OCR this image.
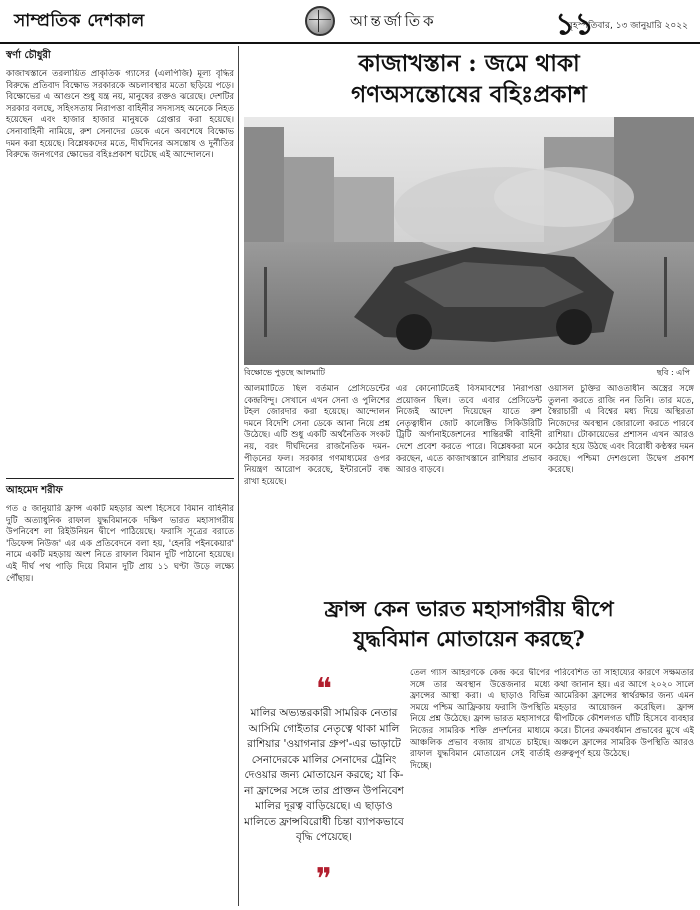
সাম্প্রতিক দেশকাল	আন্তর্জাতিক	১১
বৃহস্পতিবার, ১৩ জানুয়ারি ২০২২
স্বর্ণা চৌধুরী

কাজাখস্তানে তরলায়িত প্রাকৃতিক গ্যাসের (এলপিজি) মূল্য বৃদ্ধির বিরুদ্ধে প্রতিবাদ বিক্ষোভ সরকারকে অচলাবস্থার মতো ছড়িয়ে পড়ে। বিক্ষোভের এ আগুনে শুধু যন্ত্র নয়, মানুষের রক্তও ঝরেছে। দেশটির সরকার বলছে, সহিংসতায় নিরাপত্তা বাহিনীর সদস্যসহ অনেকে নিহত হয়েছেন এবং হাজার হাজার মানুষকে গ্রেপ্তার করা হয়েছে। সেনাবাহিনী নামিয়ে, রুশ সেনাদের ডেকে এনে অবশেষে বিক্ষোভ দমন করা হয়েছে। বিশ্লেষকদের মতে, দীর্ঘদিনের অসন্তোষ ও দুর্নীতির বিরুদ্ধে জনগণের ক্ষোভের বহিঃপ্রকাশ ঘটেছে এই আন্দোলনে।

আহমেদ শরীফ

গত ৫ জানুয়ারি ফ্রান্স একটি মহড়ার অংশ হিসেবে বিমান বাহিনীর দুটি অত্যাধুনিক রাফাল যুদ্ধবিমানকে দক্ষিণ ভারত মহাসাগরীয় উপনিবেশ লা রিইউনিয়ন দ্বীপে পাঠিয়েছে। ফরাসি সূত্রের বরাতে 'ডিফেন্স নিউজ' এর এক প্রতিবেদনে বলা হয়, 'হেনরি পইনকেয়ার' নামে একটি মহড়ায় অংশ নিতে রাফাল বিমান দুটি পাঠানো হয়েছে। এই দীর্ঘ পথ পাড়ি দিয়ে বিমান দুটি প্রায় ১১ ঘণ্টা উড়ে লক্ষ্যে পৌঁছায়।

কাজাখস্তান : জমে থাকা
গণঅসন্তোষের বহিঃপ্রকাশ
বিক্ষোভে পুড়ছে আলমাটি	ছবি : এপি

আলমাটিতে ছিল বর্তমান প্রেসিডেন্টের কেন্দ্রবিন্দু। সেখানে এখন সেনা ও পুলিশের টহল জোরদার করা হয়েছে। আন্দোলন দমনে বিদেশি সেনা ডেকে আনা নিয়ে প্রশ্ন উঠেছে। এটি শুধু একটি অর্থনৈতিক সংকট নয়, বরং দীর্ঘদিনের রাজনৈতিক দমন-পীড়নের ফল। সরকার গণমাধ্যমের ওপর নিয়ন্ত্রণ আরোপ করেছে, ইন্টারনেট বন্ধ রাখা হয়েছে।

এর কোনোটিতেই বিসমাবশের নিরাপত্তা প্রয়োজন ছিল। তবে এবার প্রেসিডেন্ট নিজেই আদেশ দিয়েছেন যাতে রুশ নেতৃত্বাধীন জোট কালেক্টিভ সিকিউরিটি ট্রিটি অর্গানাইজেশনের শান্তিরক্ষী বাহিনী দেশে প্রবেশ করতে পারে। বিশ্লেষকরা মনে করছেন, এতে কাজাখস্তানে রাশিয়ার প্রভাব আরও বাড়বে।

ওয়াসল চুক্তির আওতাধীন অস্ত্রের সঙ্গে তুলনা করতে রাজি নন তিনি। তার মতে, স্বৈরাচারী এ বিশ্বের মধ্য দিয়ে অস্থিরতা নিজেদের অবস্থান জোরালো করতে পারবে রাশিয়া। টোকায়েভের প্রশাসন এখন আরও কঠোর হয়ে উঠছে এবং বিরোধী কণ্ঠস্বর দমন করছে। পশ্চিমা দেশগুলো উদ্বেগ প্রকাশ করেছে।

ফ্রান্স কেন ভারত মহাসাগরীয় দ্বীপে
যুদ্ধবিমান মোতায়েন করছে?
❝
মালির অভ্যন্তরকারী সামরিক নেতার আসিমি গোইতার নেতৃত্বে থাকা মালি রাশিয়ার 'ওয়াগনার গ্রুপ'-এর ভাড়াটে সেনাদেরকে মালির সেনাদের ট্রেনিং দেওয়ার জন্য মোতায়েন করছে; যা কি-না ফ্রান্সের সঙ্গে তার প্রাক্তন উপনিবেশ মালির দূরত্ব বাড়িয়েছে। এ ছাড়াও মালিতে ফ্রান্সবিরোধী চিন্তা ব্যাপকভাবে বৃদ্ধি পেয়েছে।
❞

তেল গ্যাস আহরণকে কেন্দ্র করে দ্বীপের সঙ্গে তার অবস্থান উত্তেজনার মধ্যে ফ্রান্সের আস্থা করা। এ ছাড়াও বিভিন্ন সময়ে পশ্চিম আফ্রিকায় ফরাসি উপস্থিতি নিয়ে প্রশ্ন উঠেছে। ফ্রান্স ভারত মহাসাগরে নিজের সামরিক শক্তি প্রদর্শনের মাধ্যমে আঞ্চলিক প্রভাব বজায় রাখতে চাইছে। রাফাল যুদ্ধবিমান মোতায়েন সেই বার্তাই দিচ্ছে।

পরিবেশিত তা সাহায্যের কারণে সক্ষমতার কথা জানান হয়। এর আগে ২০২০ সালে আমেরিকা ফ্রান্সের স্বার্থরক্ষার জন্য এমন মহড়ার আয়োজন করেছিল। ফ্রান্স দ্বীপটিকে কৌশলগত ঘাঁটি হিসেবে ব্যবহার করে। চীনের ক্রমবর্ধমান প্রভাবের মুখে এই অঞ্চলে ফ্রান্সের সামরিক উপস্থিতি আরও গুরুত্বপূর্ণ হয়ে উঠেছে।
